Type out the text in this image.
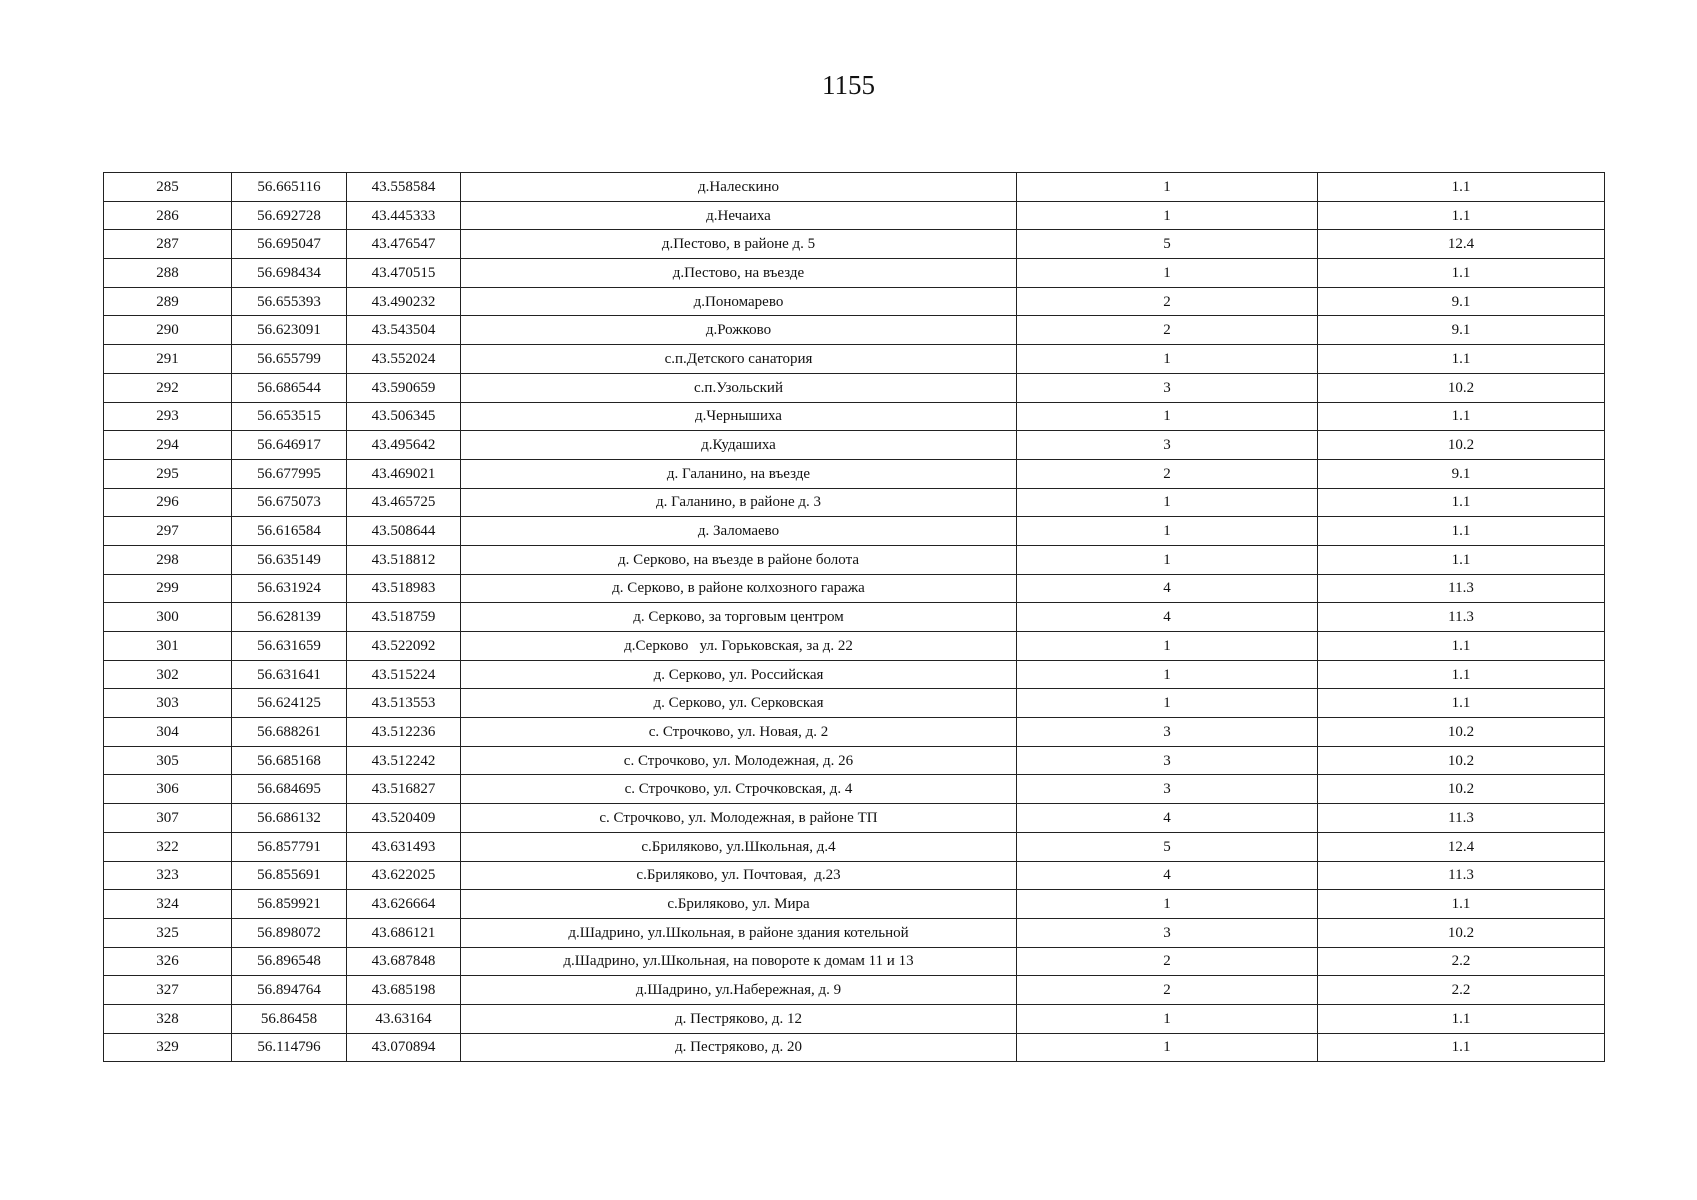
1155
285	56.665116	43.558584	д.Налескино	1	1.1
286	56.692728	43.445333	д.Нечаиха	1	1.1
287	56.695047	43.476547	д.Пестово, в районе д. 5	5	12.4
288	56.698434	43.470515	д.Пестово, на въезде	1	1.1
289	56.655393	43.490232	д.Пономарево	2	9.1
290	56.623091	43.543504	д.Рожково	2	9.1
291	56.655799	43.552024	с.п.Детского санатория	1	1.1
292	56.686544	43.590659	с.п.Узольский	3	10.2
293	56.653515	43.506345	д.Чернышиха	1	1.1
294	56.646917	43.495642	д.Кудашиха	3	10.2
295	56.677995	43.469021	д. Галанино, на въезде	2	9.1
296	56.675073	43.465725	д. Галанино, в районе д. 3	1	1.1
297	56.616584	43.508644	д. Заломаево	1	1.1
298	56.635149	43.518812	д. Серково, на въезде в районе болота	1	1.1
299	56.631924	43.518983	д. Серково, в районе колхозного гаража	4	11.3
300	56.628139	43.518759	д. Серково, за торговым центром	4	11.3
301	56.631659	43.522092	д.Серково   ул. Горьковская, за д. 22	1	1.1
302	56.631641	43.515224	д. Серково, ул. Российская	1	1.1
303	56.624125	43.513553	д. Серково, ул. Серковская	1	1.1
304	56.688261	43.512236	с. Строчково, ул. Новая, д. 2	3	10.2
305	56.685168	43.512242	с. Строчково, ул. Молодежная, д. 26	3	10.2
306	56.684695	43.516827	с. Строчково, ул. Строчковская, д. 4	3	10.2
307	56.686132	43.520409	с. Строчково, ул. Молодежная, в районе ТП	4	11.3
322	56.857791	43.631493	с.Бриляково, ул.Школьная, д.4	5	12.4
323	56.855691	43.622025	с.Бриляково, ул. Почтовая,  д.23	4	11.3
324	56.859921	43.626664	с.Бриляково, ул. Мира	1	1.1
325	56.898072	43.686121	д.Шадрино, ул.Школьная, в районе здания котельной	3	10.2
326	56.896548	43.687848	д.Шадрино, ул.Школьная, на повороте к домам 11 и 13	2	2.2
327	56.894764	43.685198	д.Шадрино, ул.Набережная, д. 9	2	2.2
328	56.86458	43.63164	д. Пестряково, д. 12	1	1.1
329	56.114796	43.070894	д. Пестряково, д. 20	1	1.1
